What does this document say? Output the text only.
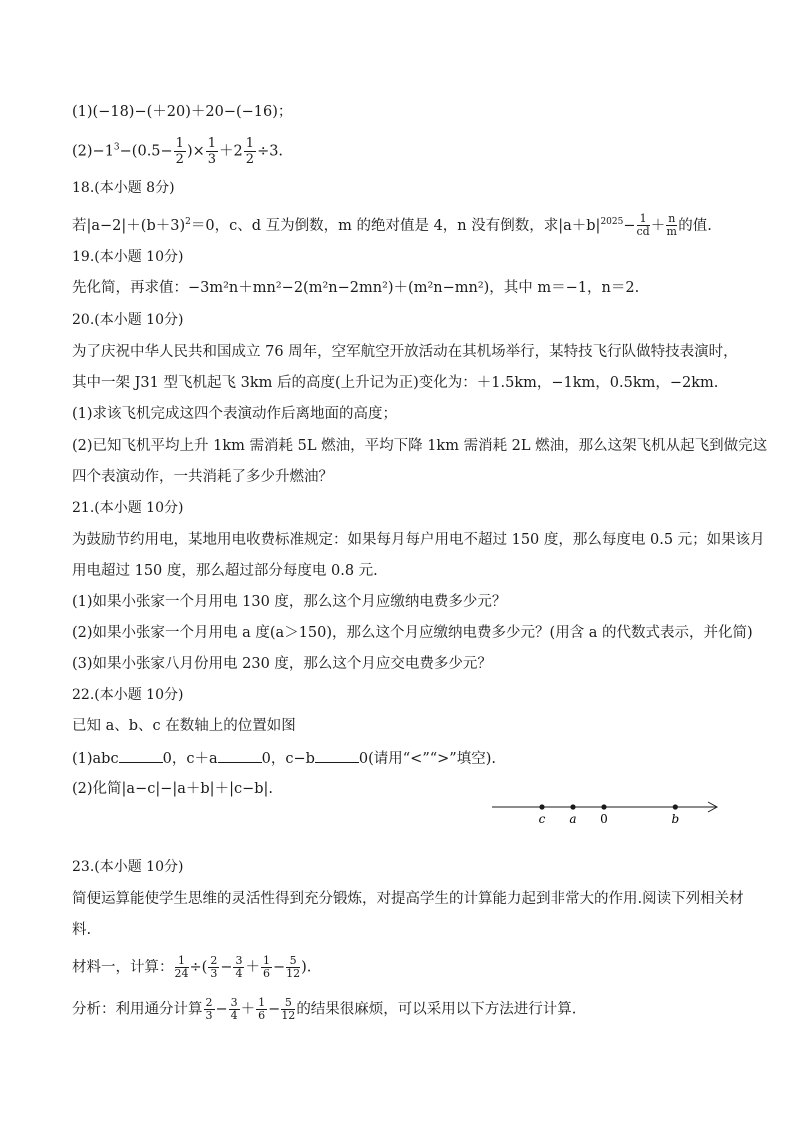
(1)(−18)−(＋20)＋20−(−16)；
$(2)-1^3-(0.5- \frac{1}{2}$ )× $\frac{1}{3} +2 \frac{1}{2} \div 3$.
18.(本小题 8分)
若$|a-2|+(b+3)^2=0$，c、d 互为倒数，m 的绝对值是 4，n 没有倒数，求$|a+b|^{2025}- \frac{1}{cd} + \frac{n}{m}$ 的值.
19.(本小题 10分)
先化简，再求值：−3m²n＋mn²−2(m²n−2mn²)＋(m²n−mn²)，其中 m＝−1，n＝2.
20.(本小题 10分)
为了庆祝中华人民共和国成立 76 周年，空军航空开放活动在其机场举行，某特技飞行队做特技表演时，
其中一架 J31 型飞机起飞 3km 后的高度(上升记为正)变化为：＋1.5km，−1km，0.5km，−2km.
(1)求该飞机完成这四个表演动作后离地面的高度；
(2)已知飞机平均上升 1km 需消耗 5L 燃油，平均下降 1km 需消耗 2L 燃油，那么这架飞机从起飞到做完这
四个表演动作，一共消耗了多少升燃油？
21.(本小题 10分)
为鼓励节约用电，某地用电收费标准规定：如果每月每户用电不超过 150 度，那么每度电 0.5 元；如果该月
用电超过 150 度，那么超过部分每度电 0.8 元.
(1)如果小张家一个月用电 130 度，那么这个月应缴纳电费多少元？
(2)如果小张家一个月用电 a 度(a＞150)，那么这个月应缴纳电费多少元？(用含 a 的代数式表示，并化简)
(3)如果小张家八月份用电 230 度，那么这个月应交电费多少元？
22.(本小题 10分)
已知 a、b、c 在数轴上的位置如图
(1)abc	0，c＋a	0，c−b	0(请用“<”“>”填空).
(2)化简|a−c|−|a＋b|＋|c−b|.
c a 0	b
23.(本小题 10分)
简便运算能使学生思维的灵活性得到充分锻炼，对提高学生的计算能力起到非常大的作用.阅读下列相关材
料.
材料一，计算： $\frac{1}{24}$ ÷( $\frac{2}{3} - \frac{3}{4} + \frac{1}{6} - \frac{5}{12}$ ).
分析：利用通分计算 $\frac{2}{3} - \frac{3}{4} + \frac{1}{6} - \frac{5}{12}$ 的结果很麻烦，可以采用以下方法进行计算.
